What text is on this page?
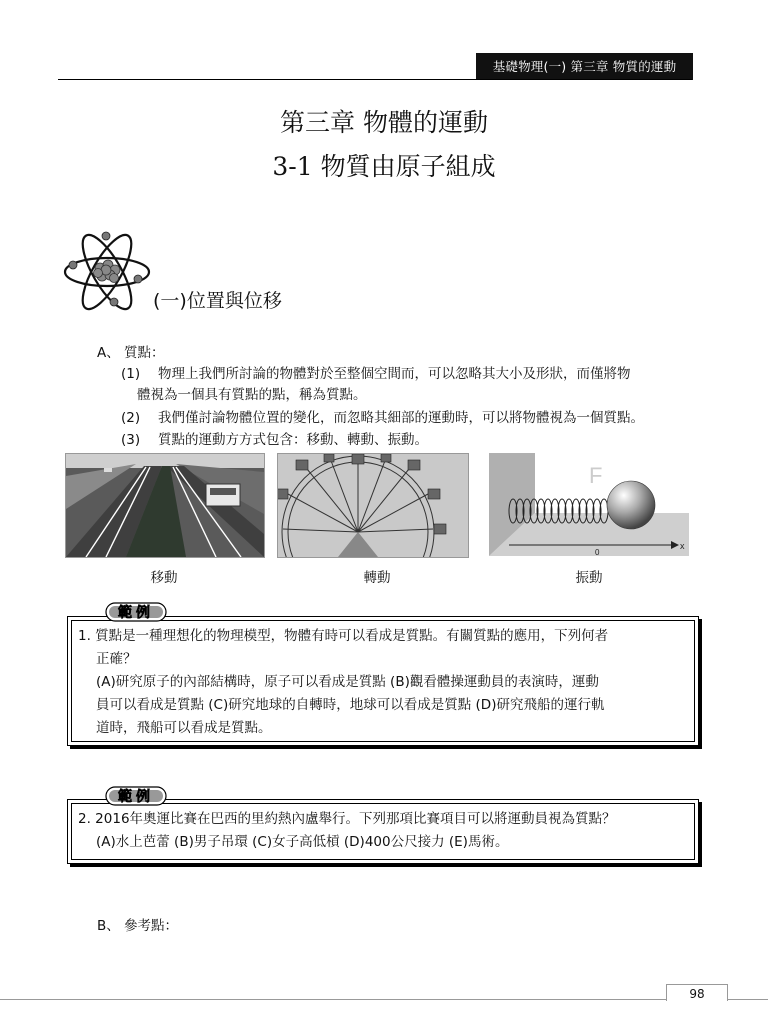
基礎物理(一) 第三章 物質的運動
第三章 物體的運動
3-1 物質由原子組成
(一)位置與位移
A、 質點：
(1) 物理上我們所討論的物體對於至整個空間而，可以忽略其大小及形狀，而僅將物
體視為一個具有質點的點，稱為質點。
(2) 我們僅討論物體位置的變化，而忽略其細部的運動時，可以將物體視為一個質點。
(3) 質點的運動方方式包含：移動、轉動、振動。
F
x
0
移動	轉動	振動
1. 質點是一種理想化的物理模型，物體有時可以看成是質點。有關質點的應用，下列何者
正確？
(A)研究原子的內部結構時，原子可以看成是質點 (B)觀看體操運動員的表演時，運動
員可以看成是質點 (C)研究地球的自轉時，地球可以看成是質點 (D)研究飛船的運行軌
道時，飛船可以看成是質點。
範例
2. 2016年奧運比賽在巴西的里約熱內盧舉行。下列那項比賽項目可以將運動員視為質點？
(A)水上芭蕾 (B)男子吊環 (C)女子高低槓 (D)400公尺接力 (E)馬術。
範例
B、 參考點：
98
